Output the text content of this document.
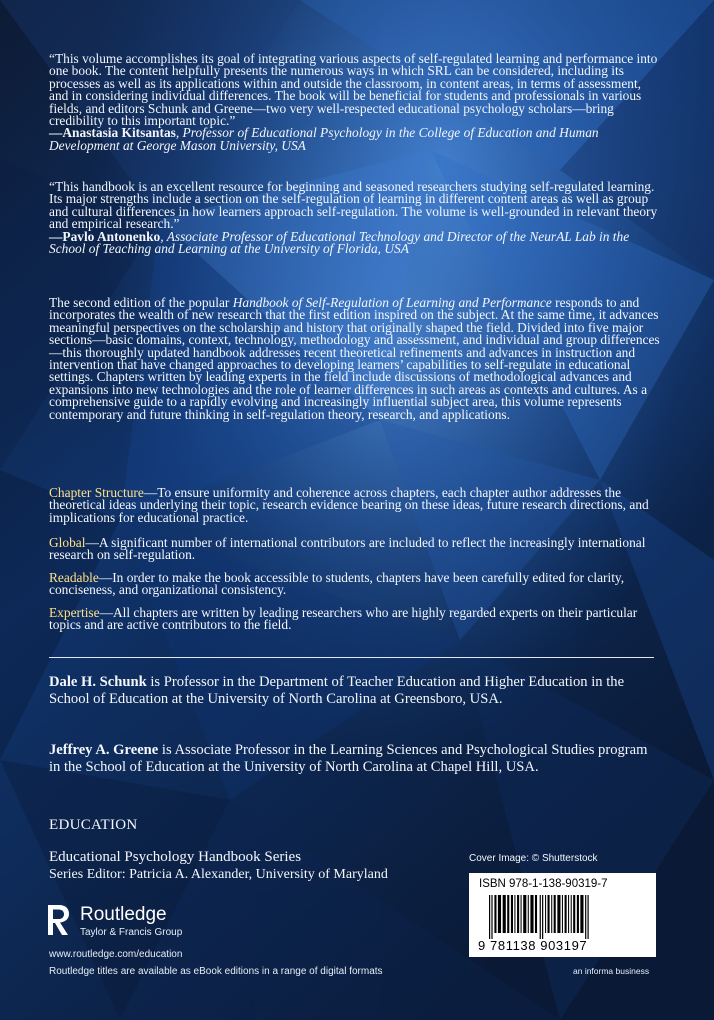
“This volume accomplishes its goal of integrating various aspects of self-regulated learning and performance into one book. The content helpfully presents the numerous ways in which SRL can be considered, including its processes as well as its applications within and outside the classroom, in content areas, in terms of assessment, and in considering individual differences. The book will be beneficial for students and professionals in various fields, and editors Schunk and Greene—two very well-respected educational psychology scholars—bring credibility to this important topic.”

—Anastasia Kitsantas, Professor of Educational Psychology in the College of Education and Human Development at George Mason University, USA

“This handbook is an excellent resource for beginning and seasoned researchers studying self-regulated learning. Its major strengths include a section on the self-regulation of learning in different content areas as well as group and cultural differences in how learners approach self-regulation. The volume is well-grounded in relevant theory and empirical research.”

—Pavlo Antonenko, Associate Professor of Educational Technology and Director of the NeurAL Lab in the School of Teaching and Learning at the University of Florida, USA

The second edition of the popular Handbook of Self-Regulation of Learning and Performance responds to and incorporates the wealth of new research that the first edition inspired on the subject. At the same time, it advances meaningful perspectives on the scholarship and history that originally shaped the field. Divided into five major sections—basic domains, context, technology, methodology and assessment, and individual and group differences—this thoroughly updated handbook addresses recent theoretical refinements and advances in instruction and intervention that have changed approaches to developing learners’ capabilities to self-regulate in educational settings. Chapters written by leading experts in the field include discussions of methodological advances and expansions into new technologies and the role of learner differences in such areas as contexts and cultures. As a comprehensive guide to a rapidly evolving and increasingly influential subject area, this volume represents contemporary and future thinking in self-regulation theory, research, and applications.
Chapter Structure—To ensure uniformity and coherence across chapters, each chapter author addresses the theoretical ideas underlying their topic, research evidence bearing on these ideas, future research directions, and implications for educational practice.
Global—A significant number of international contributors are included to reflect the increasingly international research on self-regulation.
Readable—In order to make the book accessible to students, chapters have been carefully edited for clarity, conciseness, and organizational consistency.
Expertise—All chapters are written by leading researchers who are highly regarded experts on their particular topics and are active contributors to the field.
Dale H. Schunk is Professor in the Department of Teacher Education and Higher Education in the School of Education at the University of North Carolina at Greensboro, USA.
Jeffrey A. Greene is Associate Professor in the Learning Sciences and Psychological Studies program in the School of Education at the University of North Carolina at Chapel Hill, USA.
EDUCATION
Educational Psychology Handbook Series
Series Editor: Patricia A. Alexander, University of Maryland
Routledge
Taylor & Francis Group
www.routledge.com/education
Routledge titles are available as eBook editions in a range of digital formats
Cover Image: © Shutterstock
ISBN 978-1-138-90319-7
9 781138 903197
an informa business
